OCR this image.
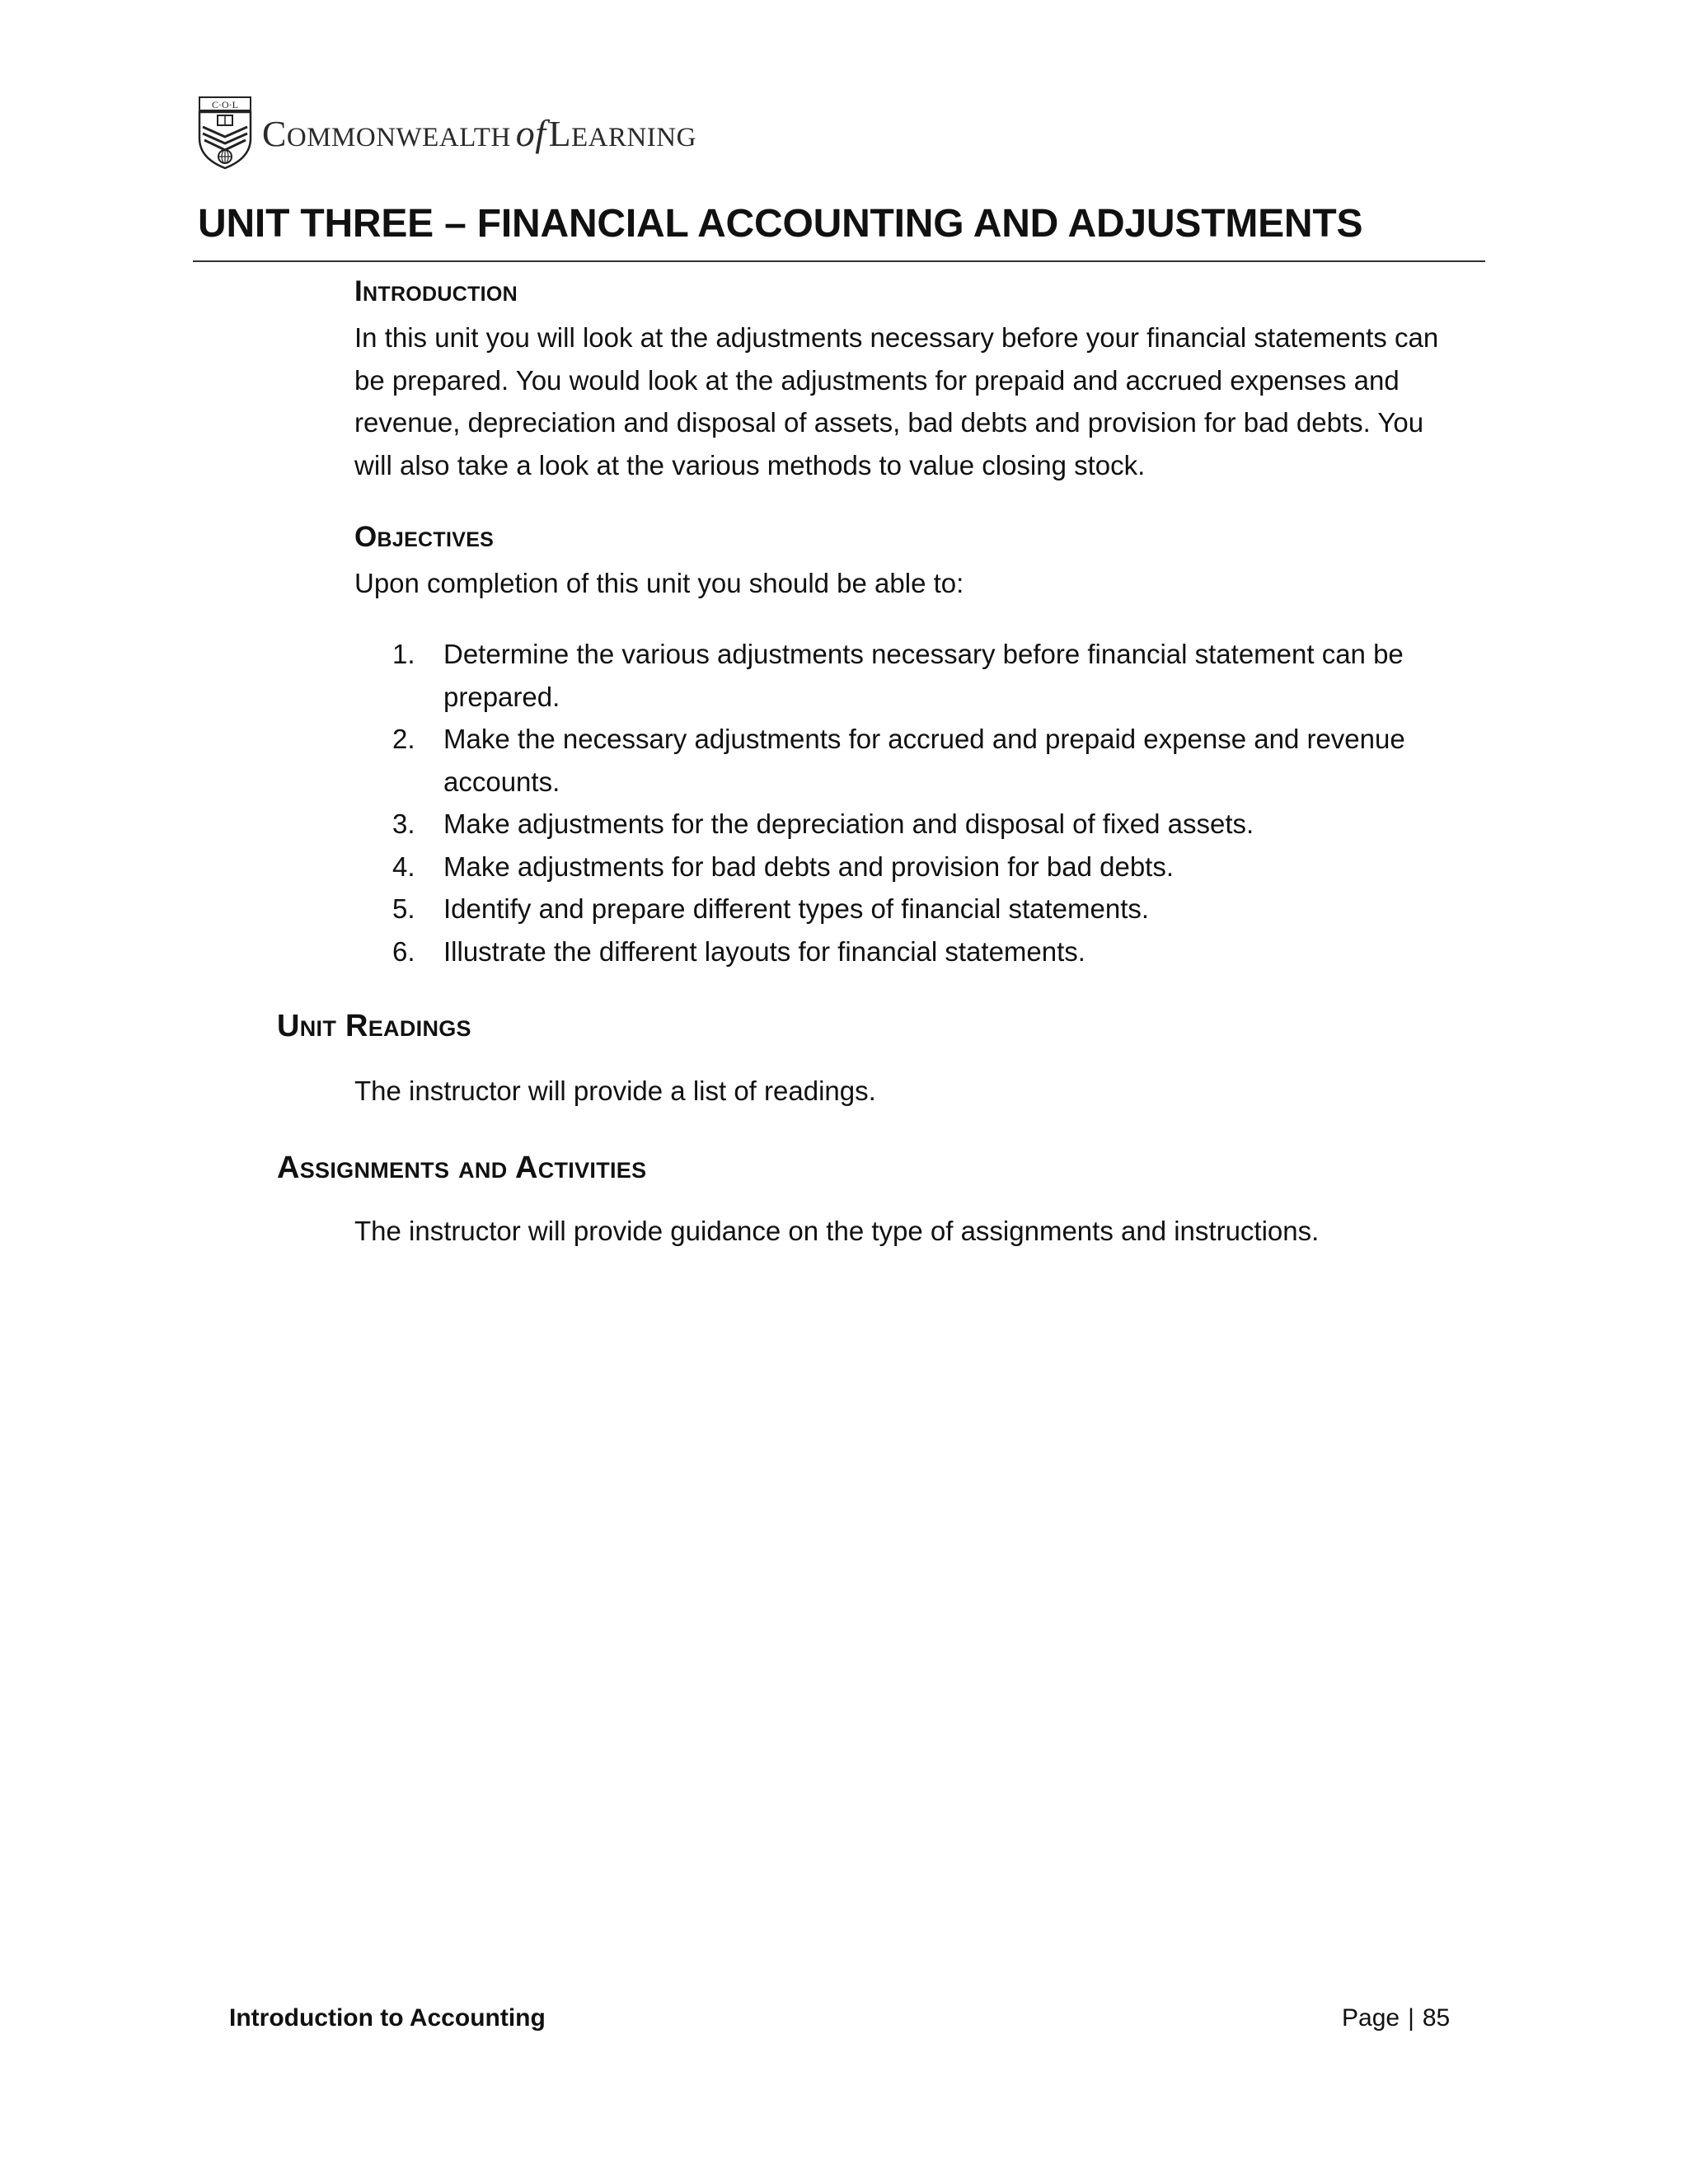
C·O·L
C OMMONWEALTH of L EARNING
UNIT THREE – FINANCIAL ACCOUNTING AND ADJUSTMENTS
Introduction
In this unit you will look at the adjustments necessary before your financial statements can
be prepared. You would look at the adjustments for prepaid and accrued expenses and
revenue, depreciation and disposal of assets, bad debts and provision for bad debts. You
will also take a look at the various methods to value closing stock.
Objectives
Upon completion of this unit you should be able to:
1. Determine the various adjustments necessary before financial statement can be
prepared.
2. Make the necessary adjustments for accrued and prepaid expense and revenue
accounts.
3. Make adjustments for the depreciation and disposal of fixed assets.
4. Make adjustments for bad debts and provision for bad debts.
5. Identify and prepare different types of financial statements.
6. Illustrate the different layouts for financial statements.
Unit Readings
The instructor will provide a list of readings.
Assignments and Activities
The instructor will provide guidance on the type of assignments and instructions.
Introduction to Accounting	Page | 85
